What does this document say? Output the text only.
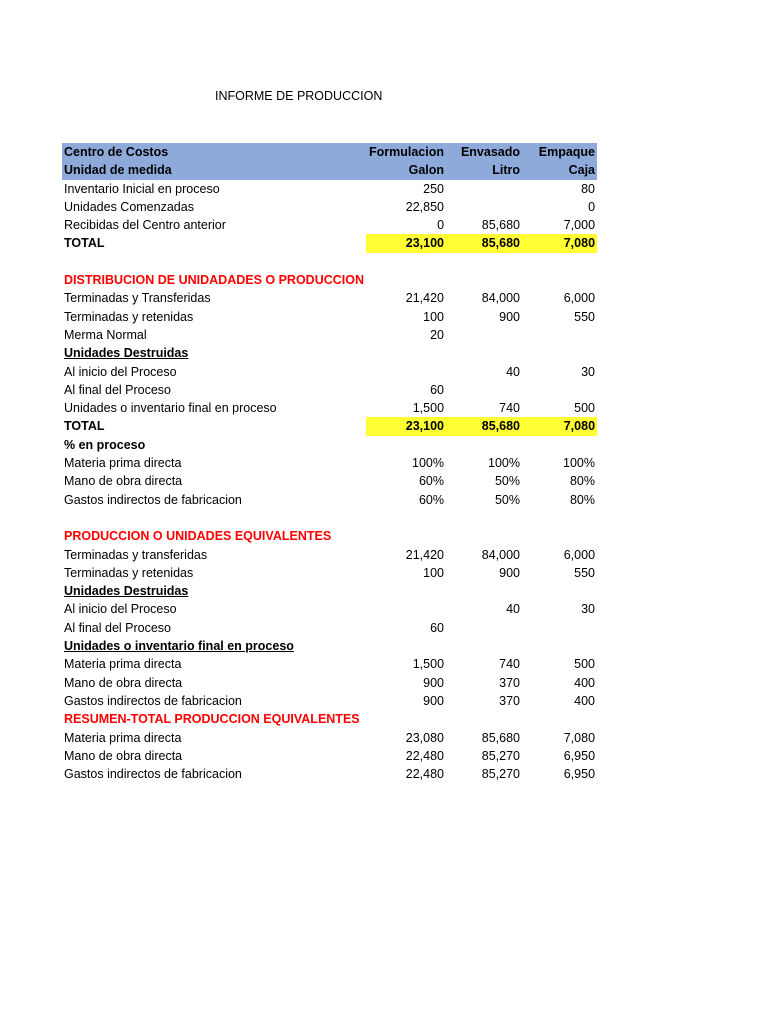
INFORME DE PRODUCCION
Centro de Costos	Formulacion	Envasado	Empaque
Unidad de medida	Galon	Litro	Caja
Inventario Inicial en proceso	250		80
Unidades Comenzadas	22,850		0
Recibidas del Centro anterior	0	85,680	7,000
TOTAL	23,100	85,680	7,080

DISTRIBUCION DE UNIDADADES O PRODUCCION			
Terminadas y Transferidas	21,420	84,000	6,000
Terminadas y retenidas	100	900	550
Merma Normal	20		
Unidades Destruidas			
Al inicio del Proceso		40	30
Al final del Proceso	60		
Unidades o inventario final en proceso	1,500	740	500
TOTAL	23,100	85,680	7,080
% en proceso			
Materia prima directa	100%	100%	100%
Mano de obra directa	60%	50%	80%
Gastos indirectos de fabricacion	60%	50%	80%

PRODUCCION O UNIDADES EQUIVALENTES			
Terminadas y transferidas	21,420	84,000	6,000
Terminadas y retenidas	100	900	550
Unidades Destruidas			
Al inicio del Proceso		40	30
Al final del Proceso	60		
Unidades o inventario final en proceso			
Materia prima directa	1,500	740	500
Mano de obra directa	900	370	400
Gastos indirectos de fabricacion	900	370	400
RESUMEN-TOTAL PRODUCCION EQUIVALENTES			
Materia prima directa	23,080	85,680	7,080
Mano de obra directa	22,480	85,270	6,950
Gastos indirectos de fabricacion	22,480	85,270	6,950
